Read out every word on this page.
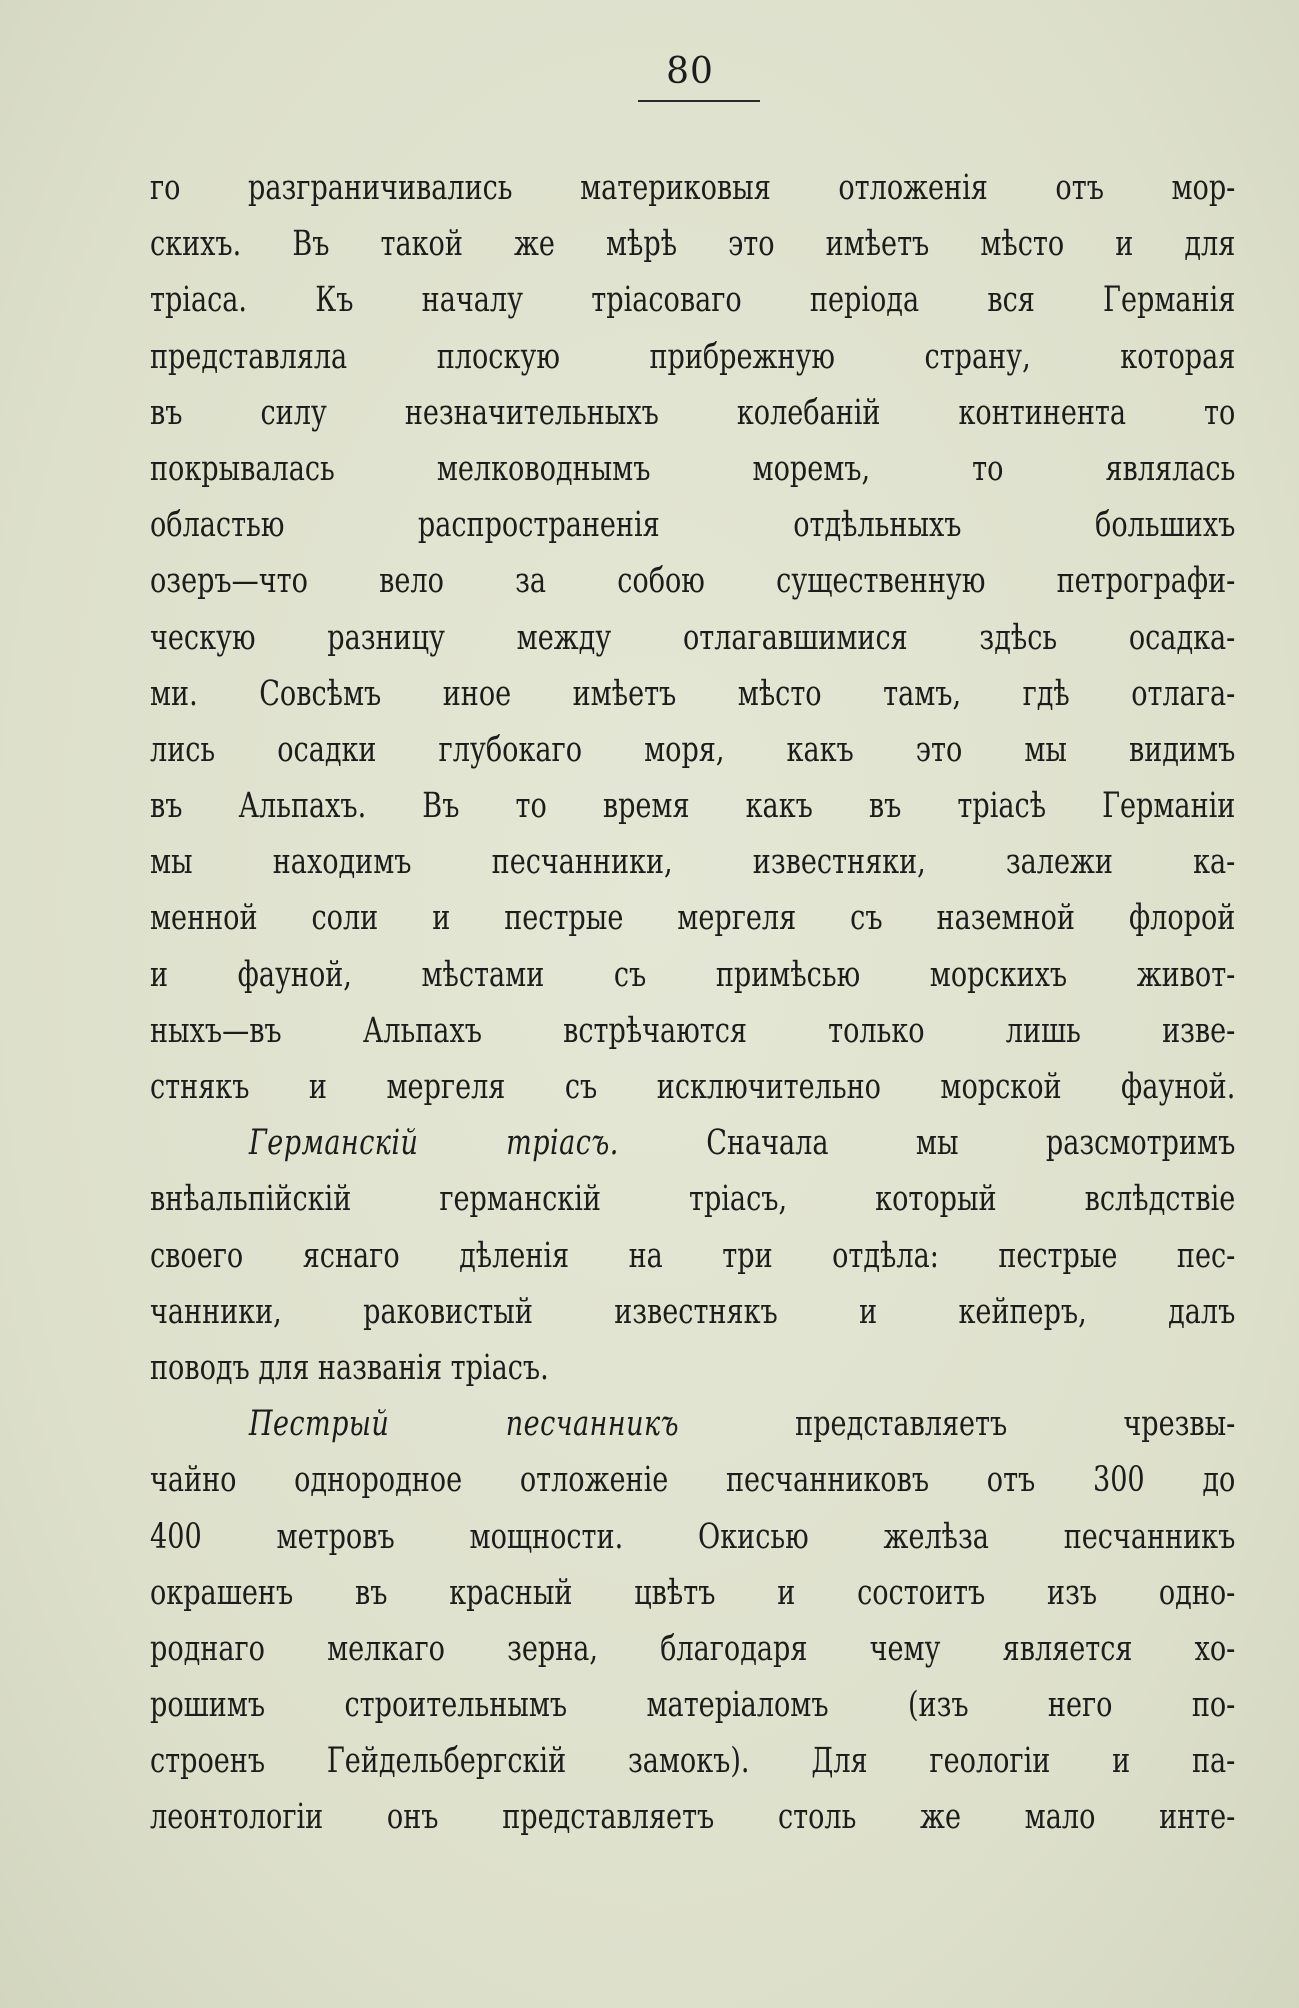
80
го разграничивались материковыя отложенія отъ мор-
скихъ. Въ такой же мѣрѣ это имѣетъ мѣсто и для
тріаса. Къ началу тріасоваго періода вся Германія
представляла плоскую прибрежную страну, которая
въ силу незначительныхъ колебаній континента то
покрывалась мелководнымъ моремъ, то являлась
областью распространенія отдѣльныхъ большихъ
озеръ—что вело за собою существенную петрографи-
ческую разницу между отлагавшимися здѣсь осадка-
ми. Совсѣмъ иное имѣетъ мѣсто тамъ, гдѣ отлага-
лись осадки глубокаго моря, какъ это мы видимъ
въ Альпахъ. Въ то время какъ въ тріасѣ Германіи
мы находимъ песчанники, известняки, залежи ка-
менной соли и пестрые мергеля съ наземной флорой
и фауной, мѣстами съ примѣсью морскихъ живот-
ныхъ—въ Альпахъ встрѣчаются только лишь изве-
стнякъ и мергеля съ исключительно морской фауной.
Германскій тріасъ. Сначала мы разсмотримъ
внѣальпійскій германскій тріасъ, который вслѣдствіе
своего яснаго дѣленія на три отдѣла: пестрые пес-
чанники, раковистый известнякъ и кейперъ, далъ
поводъ для названія тріасъ.
Пестрый песчанникъ	представляетъ чрезвы-
чайно однородное отложеніе песчанниковъ отъ 300 до
400 метровъ мощности. Окисью желѣза песчанникъ
окрашенъ въ красный цвѣтъ и состоитъ изъ одно-
роднаго мелкаго зерна, благодаря чему является хо-
рошимъ строительнымъ матеріаломъ (изъ него по-
строенъ Гейдельбергскій замокъ). Для геологіи и па-
леонтологіи онъ представляетъ столь же мало инте-
